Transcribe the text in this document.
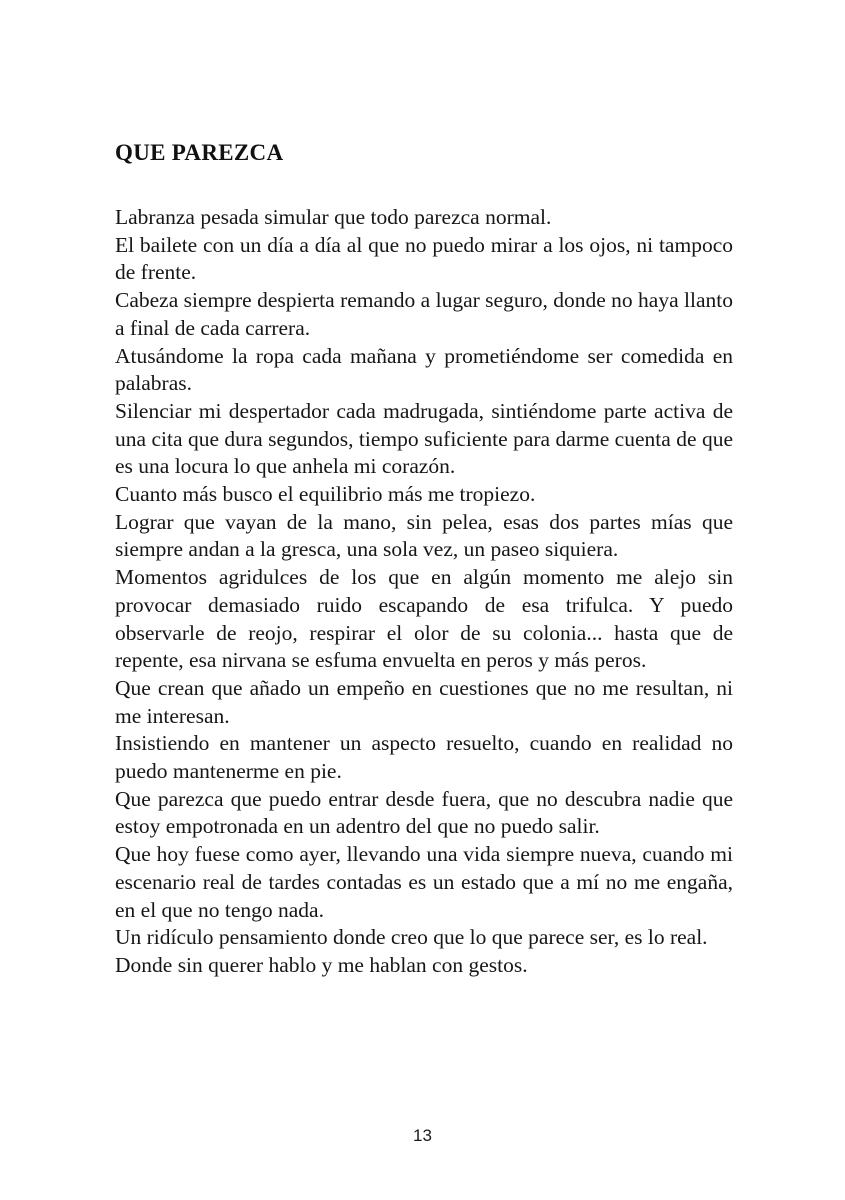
QUE PAREZCA

Labranza pesada simular que todo parezca normal.

El bailete con un día a día al que no puedo mirar a los ojos, ni tampoco de frente.

Cabeza siempre despierta remando a lugar seguro, donde no haya llanto a final de cada carrera.

Atusándome la ropa cada mañana y prometiéndome ser comedida en palabras.

Silenciar mi despertador cada madrugada, sintiéndome parte activa de una cita que dura segundos, tiempo suficiente para darme cuenta de que es una locura lo que anhela mi corazón.

Cuanto más busco el equilibrio más me tropiezo.

Lograr que vayan de la mano, sin pelea, esas dos partes mías que siempre andan a la gresca, una sola vez, un paseo siquiera.

Momentos agridulces de los que en algún momento me alejo sin provocar demasiado ruido escapando de esa trifulca. Y puedo observarle de reojo, respirar el olor de su colonia... hasta que de repente, esa nirvana se esfuma envuelta en peros y más peros.

Que crean que añado un empeño en cuestiones que no me resultan, ni me interesan.

Insistiendo en mantener un aspecto resuelto, cuando en realidad no puedo mantenerme en pie.

Que parezca que puedo entrar desde fuera, que no descubra nadie que estoy empotronada en un adentro del que no puedo salir.

Que hoy fuese como ayer, llevando una vida siempre nueva, cuando mi escenario real de tardes contadas es un estado que a mí no me engaña, en el que no tengo nada.

Un ridículo pensamiento donde creo que lo que parece ser, es lo real.

Donde sin querer hablo y me hablan con gestos.

13
